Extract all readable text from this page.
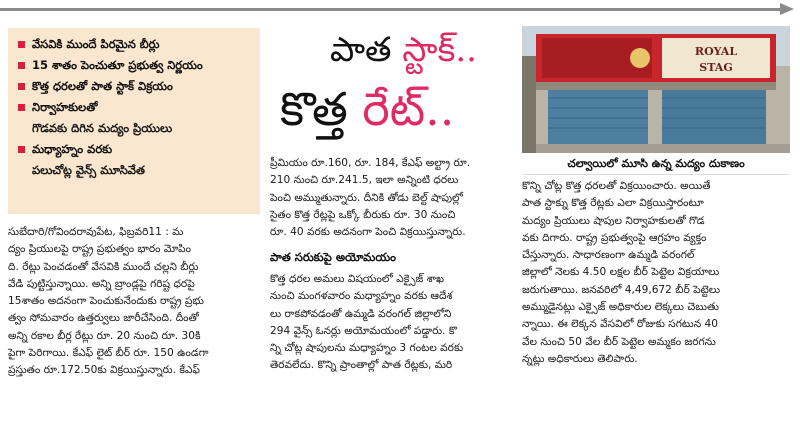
వేసవికి ముందే పిరమైన బీర్లు
15 శాతం పెంచుతూ ప్రభుత్వ నిర్ణయం
కొత్త ధరలతో పాత స్టాక్ విక్రయం
నిర్వాహకులతో
గొడవకు దిగిన మద్యం ప్రియులు
మధ్యాహ్నం వరకు
పలుచోట్ల వైన్స్ మూసివేత
పాత స్టాక్..
కొత్త రేట్..
ROYAL
STAG
చల్వాయిలో మూసి ఉన్న మద్యం దుకాణం

సుబేదారి/గోవిందరావుపేట, ఫిబ్రవరి11 : మ

ద్యం ప్రియులపై రాష్ట్ర ప్రభుత్వం భారం మోపిం

ది. రేట్లు పెంచడంతో వేసవికి ముందే చల్లని బీర్లు

వేడి పుట్టిస్తున్నాయి. అన్ని బ్రాండ్లపై గరిష్ట ధరపై

15శాతం అదనంగా పెంచుకునేందుకు రాష్ట్ర ప్రభు

త్వం సోమవారం ఉత్తర్వులు జారీచేసింది. దీంతో

అన్ని రకాల బీర్ల రేట్లు రూ. 20 నుంచి రూ. 30కి

పైగా పెరిగాయి. కేఎఫ్ లైట్ బీర్ రూ. 150 ఉండగా

ప్రస్తుతం రూ.172.50కు విక్రయిస్తున్నారు. కేఎఫ్

ప్రీమియం రూ.160, రూ. 184, కేఎఫ్ అల్ట్రా రూ.

210 నుంచి రూ.241.5, ఇలా అన్నింటి ధరలు

పెంచి అమ్ముతున్నారు. దీనికి తోడు బెల్ట్ షాపుల్లో

సైతం కొత్త రేట్లపై ఒక్కో బీరుకు రూ. 30 నుంచి

రూ. 40 వరకు అదనంగా పెంచి విక్రయిస్తున్నారు.

పాత సరుకుపై అయోమయం

కొత్త ధరల అమలు విషయంలో ఎక్సైజ్ శాఖ

నుంచి మంగళవారం మధ్యాహ్నం వరకు ఆదేశ

లు రాకపోవడంతో ఉమ్మడి వరంగల్ జిల్లాలోని

294 వైన్స్ ఓనర్లు అయోమయంలో పడ్డారు. కొ

న్ని చోట్ల షాపులను మధ్యాహ్నం 3 గంటల వరకు

తెరవలేదు. కొన్ని ప్రాంతాల్లో పాత రేట్లకు, మరి

కొన్ని చోట్ల కొత్త ధరలతో విక్రయించారు. అయితే

పాత స్టాక్ను కొత్త రేట్లకు ఎలా విక్రయిస్తారంటూ

మద్యం ప్రియులు షాపుల నిర్వాహకులతో గొడ

వకు దిగారు. రాష్ట్ర ప్రభుత్వంపై ఆగ్రహం వ్యక్తం

చేస్తున్నారు. సాధారణంగా ఉమ్మడి వరంగల్

జిల్లాలో నెలకు 4.50 లక్షల బీర్ పెట్టెల విక్రయాలు

జరుగుతాయి. జనవరిలో 4,49,672 బీర్ పెట్టెలు

అమ్ముడైనట్లు ఎక్సైజ్ అధికారుల లెక్కలు చెబుతు

న్నాయి. ఈ లెక్కన వేసవిలో రోజుకు సగటున 40

వేల నుంచి 50 వేల బీర్ పెట్టెల అమ్మకం జరగను

న్నట్లు అధికారులు తెలిపారు.
